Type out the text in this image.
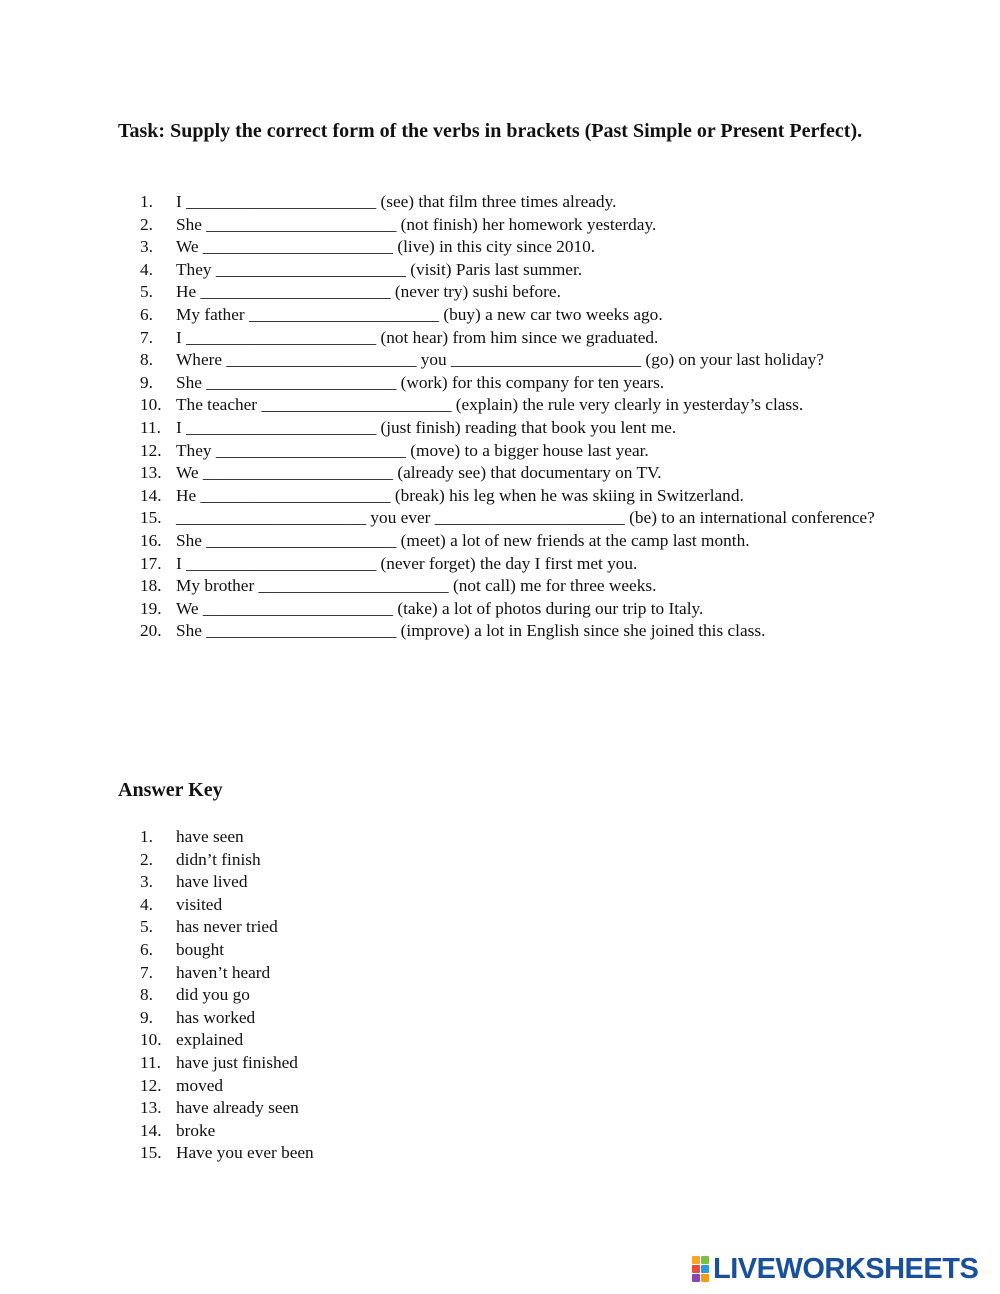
Task: Supply the correct form of the verbs in brackets (Past Simple or Present Perfect).
1.	I ______________________ (see) that film three times already.
2.	She ______________________ (not finish) her homework yesterday.
3.	We ______________________ (live) in this city since 2010.
4.	They ______________________ (visit) Paris last summer.
5.	He ______________________ (never try) sushi before.
6.	My father ______________________ (buy) a new car two weeks ago.
7.	I ______________________ (not hear) from him since we graduated.
8.	Where ______________________ you ______________________ (go) on your last holiday?
9.	She ______________________ (work) for this company for ten years.
10. The teacher ______________________ (explain) the rule very clearly in yesterday’s class.
11. I ______________________ (just finish) reading that book you lent me.
12. They ______________________ (move) to a bigger house last year.
13. We ______________________ (already see) that documentary on TV.
14. He ______________________ (break) his leg when he was skiing in Switzerland.
15. ______________________ you ever ______________________ (be) to an international conference?
16. She ______________________ (meet) a lot of new friends at the camp last month.
17. I ______________________ (never forget) the day I first met you.
18. My brother ______________________ (not call) me for three weeks.
19. We ______________________ (take) a lot of photos during our trip to Italy.
20. She ______________________ (improve) a lot in English since she joined this class.
Answer Key
1.	have seen
2.	didn’t finish
3.	have lived
4.	visited
5.	has never tried
6.	bought
7.	haven’t heard
8.	did you go
9.	has worked
10. explained
11. have just finished
12. moved
13. have already seen
14. broke
15. Have you ever been
LIVEWORKSHEETS
